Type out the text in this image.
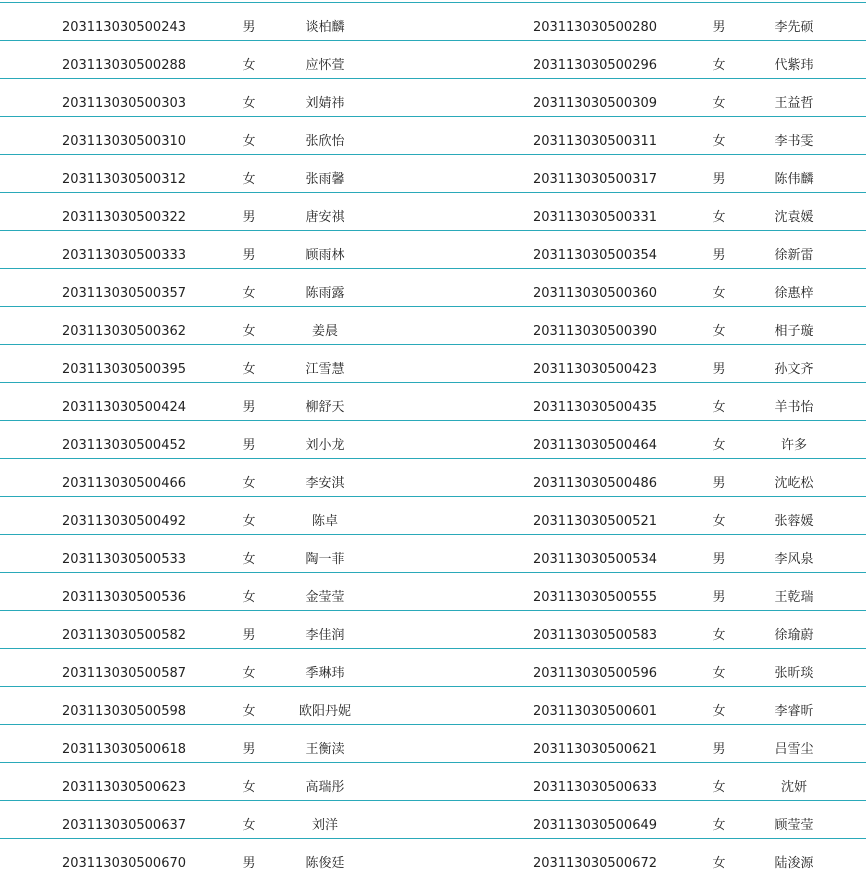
203113030500243	男	谈柏麟	203113030500280	男	李先硕
203113030500288	女	应怀萱	203113030500296	女	代紫玮
203113030500303	女	刘婧祎	203113030500309	女	王益哲
203113030500310	女	张欣怡	203113030500311	女	李书雯
203113030500312	女	张雨馨	203113030500317	男	陈伟麟
203113030500322	男	唐安祺	203113030500331	女	沈袁媛
203113030500333	男	顾雨林	203113030500354	男	徐新雷
203113030500357	女	陈雨露	203113030500360	女	徐惠梓
203113030500362	女	姜晨	203113030500390	女	相子璇
203113030500395	女	江雪慧	203113030500423	男	孙文齐
203113030500424	男	柳舒天	203113030500435	女	羊书怡
203113030500452	男	刘小龙	203113030500464	女	许多
203113030500466	女	李安淇	203113030500486	男	沈屹松
203113030500492	女	陈卓	203113030500521	女	张蓉媛
203113030500533	女	陶一菲	203113030500534	男	李风泉
203113030500536	女	金莹莹	203113030500555	男	王乾瑞
203113030500582	男	李佳润	203113030500583	女	徐瑜蔚
203113030500587	女	季琳玮	203113030500596	女	张昕琰
203113030500598	女	欧阳丹妮	203113030500601	女	李睿昕
203113030500618	男	王衡渎	203113030500621	男	吕雪尘
203113030500623	女	高瑞彤	203113030500633	女	沈妍
203113030500637	女	刘洋	203113030500649	女	顾莹莹
203113030500670	男	陈俊廷	203113030500672	女	陆浚源
